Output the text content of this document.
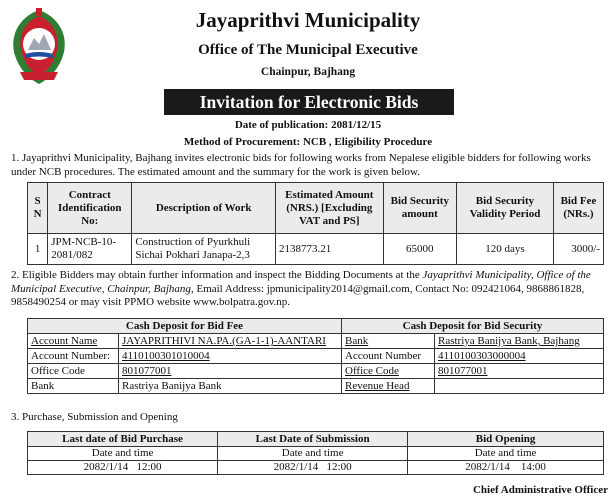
Jayaprithvi Municipality
Office of The Municipal Executive
Chainpur, Bajhang
Invitation for Electronic Bids
Date of publication: 2081/12/15
Method of Procurement: NCB , Eligibility Procedure
1. Jayaprithvi Municipality, Bajhang invites electronic bids for following works from Nepalese eligible bidders for following works under NCB procedures. The estimated amount and the summary for the work is given below.
S N	Contract Identification No:	Description of Work	Estimated Amount (NRS.) [Excluding VAT and PS]	Bid Security amount	Bid Security Validity Period	Bid Fee (NRs.)
1	JPM-NCB-10-2081/082	Construction of Pyurkhuli Sichai Pokhari Janapa-2,3	2138773.21	65000	120 days	3000/-
2. Eligible Bidders may obtain further information and inspect the Bidding Documents at the Jayaprithvi Municipality, Office of the Municipal Executive, Chainpur, Bajhang, Email Address: jpmunicipality2014@gmail.com, Contact No: 092421064, 9868861828, 9858490254 or may visit PPMO website www.bolpatra.gov.np.
Cash Deposit for Bid Fee		Cash Deposit for Bid Security	
Account Name	JAYAPRITHIVI NA.PA.(GA-1-1)-AANTARI	Bank	Rastriya Banijya Bank, Bajhang
Account Number:	4110100301010004	Account Number	4110100303000004
Office Code	801077001	Office Code	801077001
Bank	Rastriya Banijya Bank	Revenue Head	
3. Purchase, Submission and Opening
Last date of Bid Purchase	Last Date of Submission	Bid Opening
Date and time	Date and time	Date and time
2082/1/14   12:00	2082/1/14   12:00	2082/1/14    14:00
Chief Administrative Officer
